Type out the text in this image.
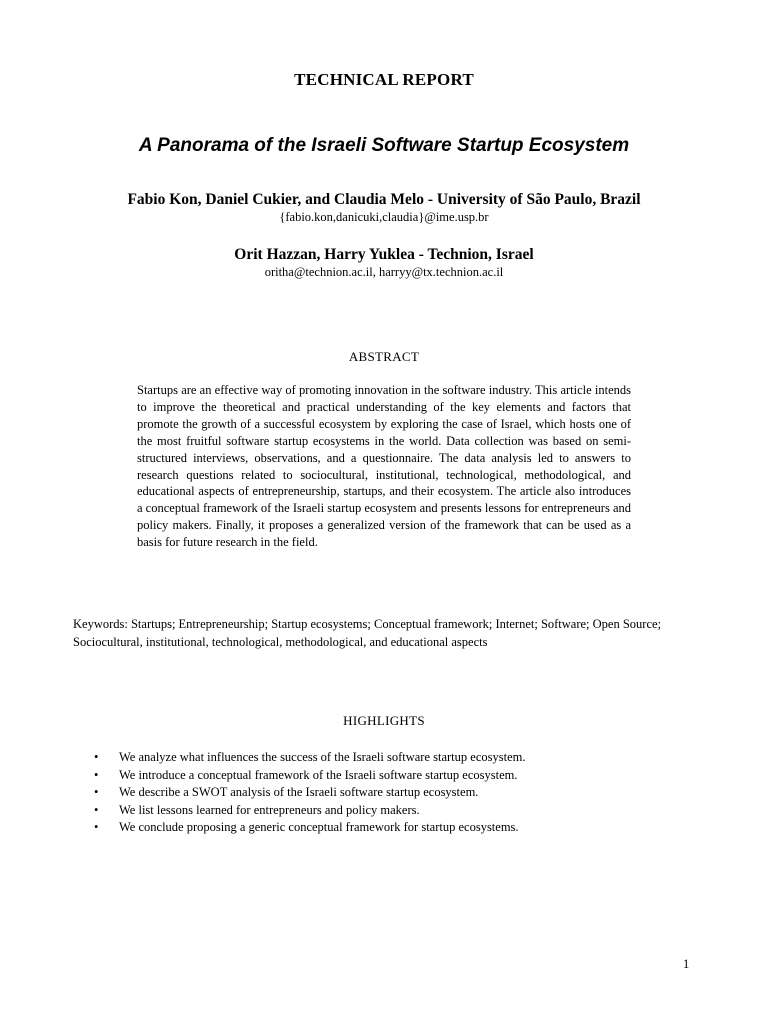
TECHNICAL REPORT
A Panorama of the Israeli Software Startup Ecosystem
Fabio Kon, Daniel Cukier, and Claudia Melo - University of São Paulo, Brazil
{fabio.kon,danicuki,claudia}@ime.usp.br
Orit Hazzan, Harry Yuklea - Technion, Israel
oritha@technion.ac.il, harryy@tx.technion.ac.il
ABSTRACT

Startups are an effective way of promoting innovation in the software industry. This article intends to improve the theoretical and practical understanding of the key elements and factors that promote the growth of a successful ecosystem by exploring the case of Israel, which hosts one of the most fruitful software startup ecosystems in the world. Data collection was based on semi-structured interviews, observations, and a questionnaire. The data analysis led to answers to research questions related to sociocultural, institutional, technological, methodological, and educational aspects of entrepreneurship, startups, and their ecosystem. The article also introduces a conceptual framework of the Israeli startup ecosystem and presents lessons for entrepreneurs and policy makers. Finally, it proposes a generalized version of the framework that can be used as a basis for future research in the field.

Keywords: Startups; Entrepreneurship; Startup ecosystems; Conceptual framework; Internet; Software; Open Source; Sociocultural, institutional, technological, methodological, and educational aspects

HIGHLIGHTS
• We analyze what influences the success of the Israeli software startup ecosystem.
• We introduce a conceptual framework of the Israeli software startup ecosystem.
• We describe a SWOT analysis of the Israeli software startup ecosystem.
• We list lessons learned for entrepreneurs and policy makers.
• We conclude proposing a generic conceptual framework for startup ecosystems.
1
